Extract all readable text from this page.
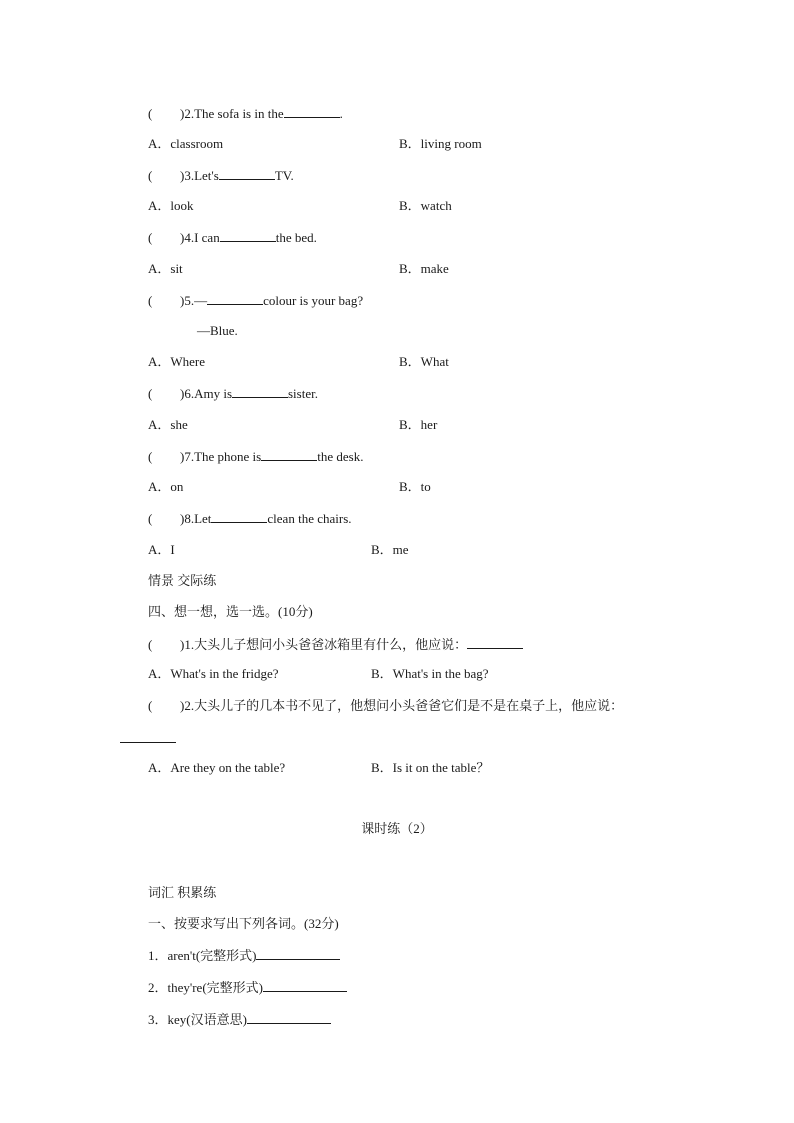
( )2.The sofa is in the	.
A．classroom	B．living room
( )3.Let's	TV.
A．look	B．watch
( )4.I can	the bed.
A．sit	B．make
( )5.—	colour is your bag?
—Blue.
A．Where	B．What
( )6.Amy is	sister.
A．she	B．her
( )7.The phone is	the desk.
A．on	B．to
( )8.Let	clean the chairs.
A．I	B．me
情景 交际练
四、想一想，选一选。(10分)
( )1.大头儿子想问小头爸爸冰箱里有什么，他应说：
A．What's in the fridge?	B．What's in the bag?
( )2.大头儿子的几本书不见了，他想问小头爸爸它们是不是在桌子上，他应说：
A．Are they on the table?	B．Is it on the table？
课时练（2）
词汇 积累练
一、按要求写出下列各词。(32分)
1．aren't(完整形式)
2．they're(完整形式)
3．key(汉语意思)
